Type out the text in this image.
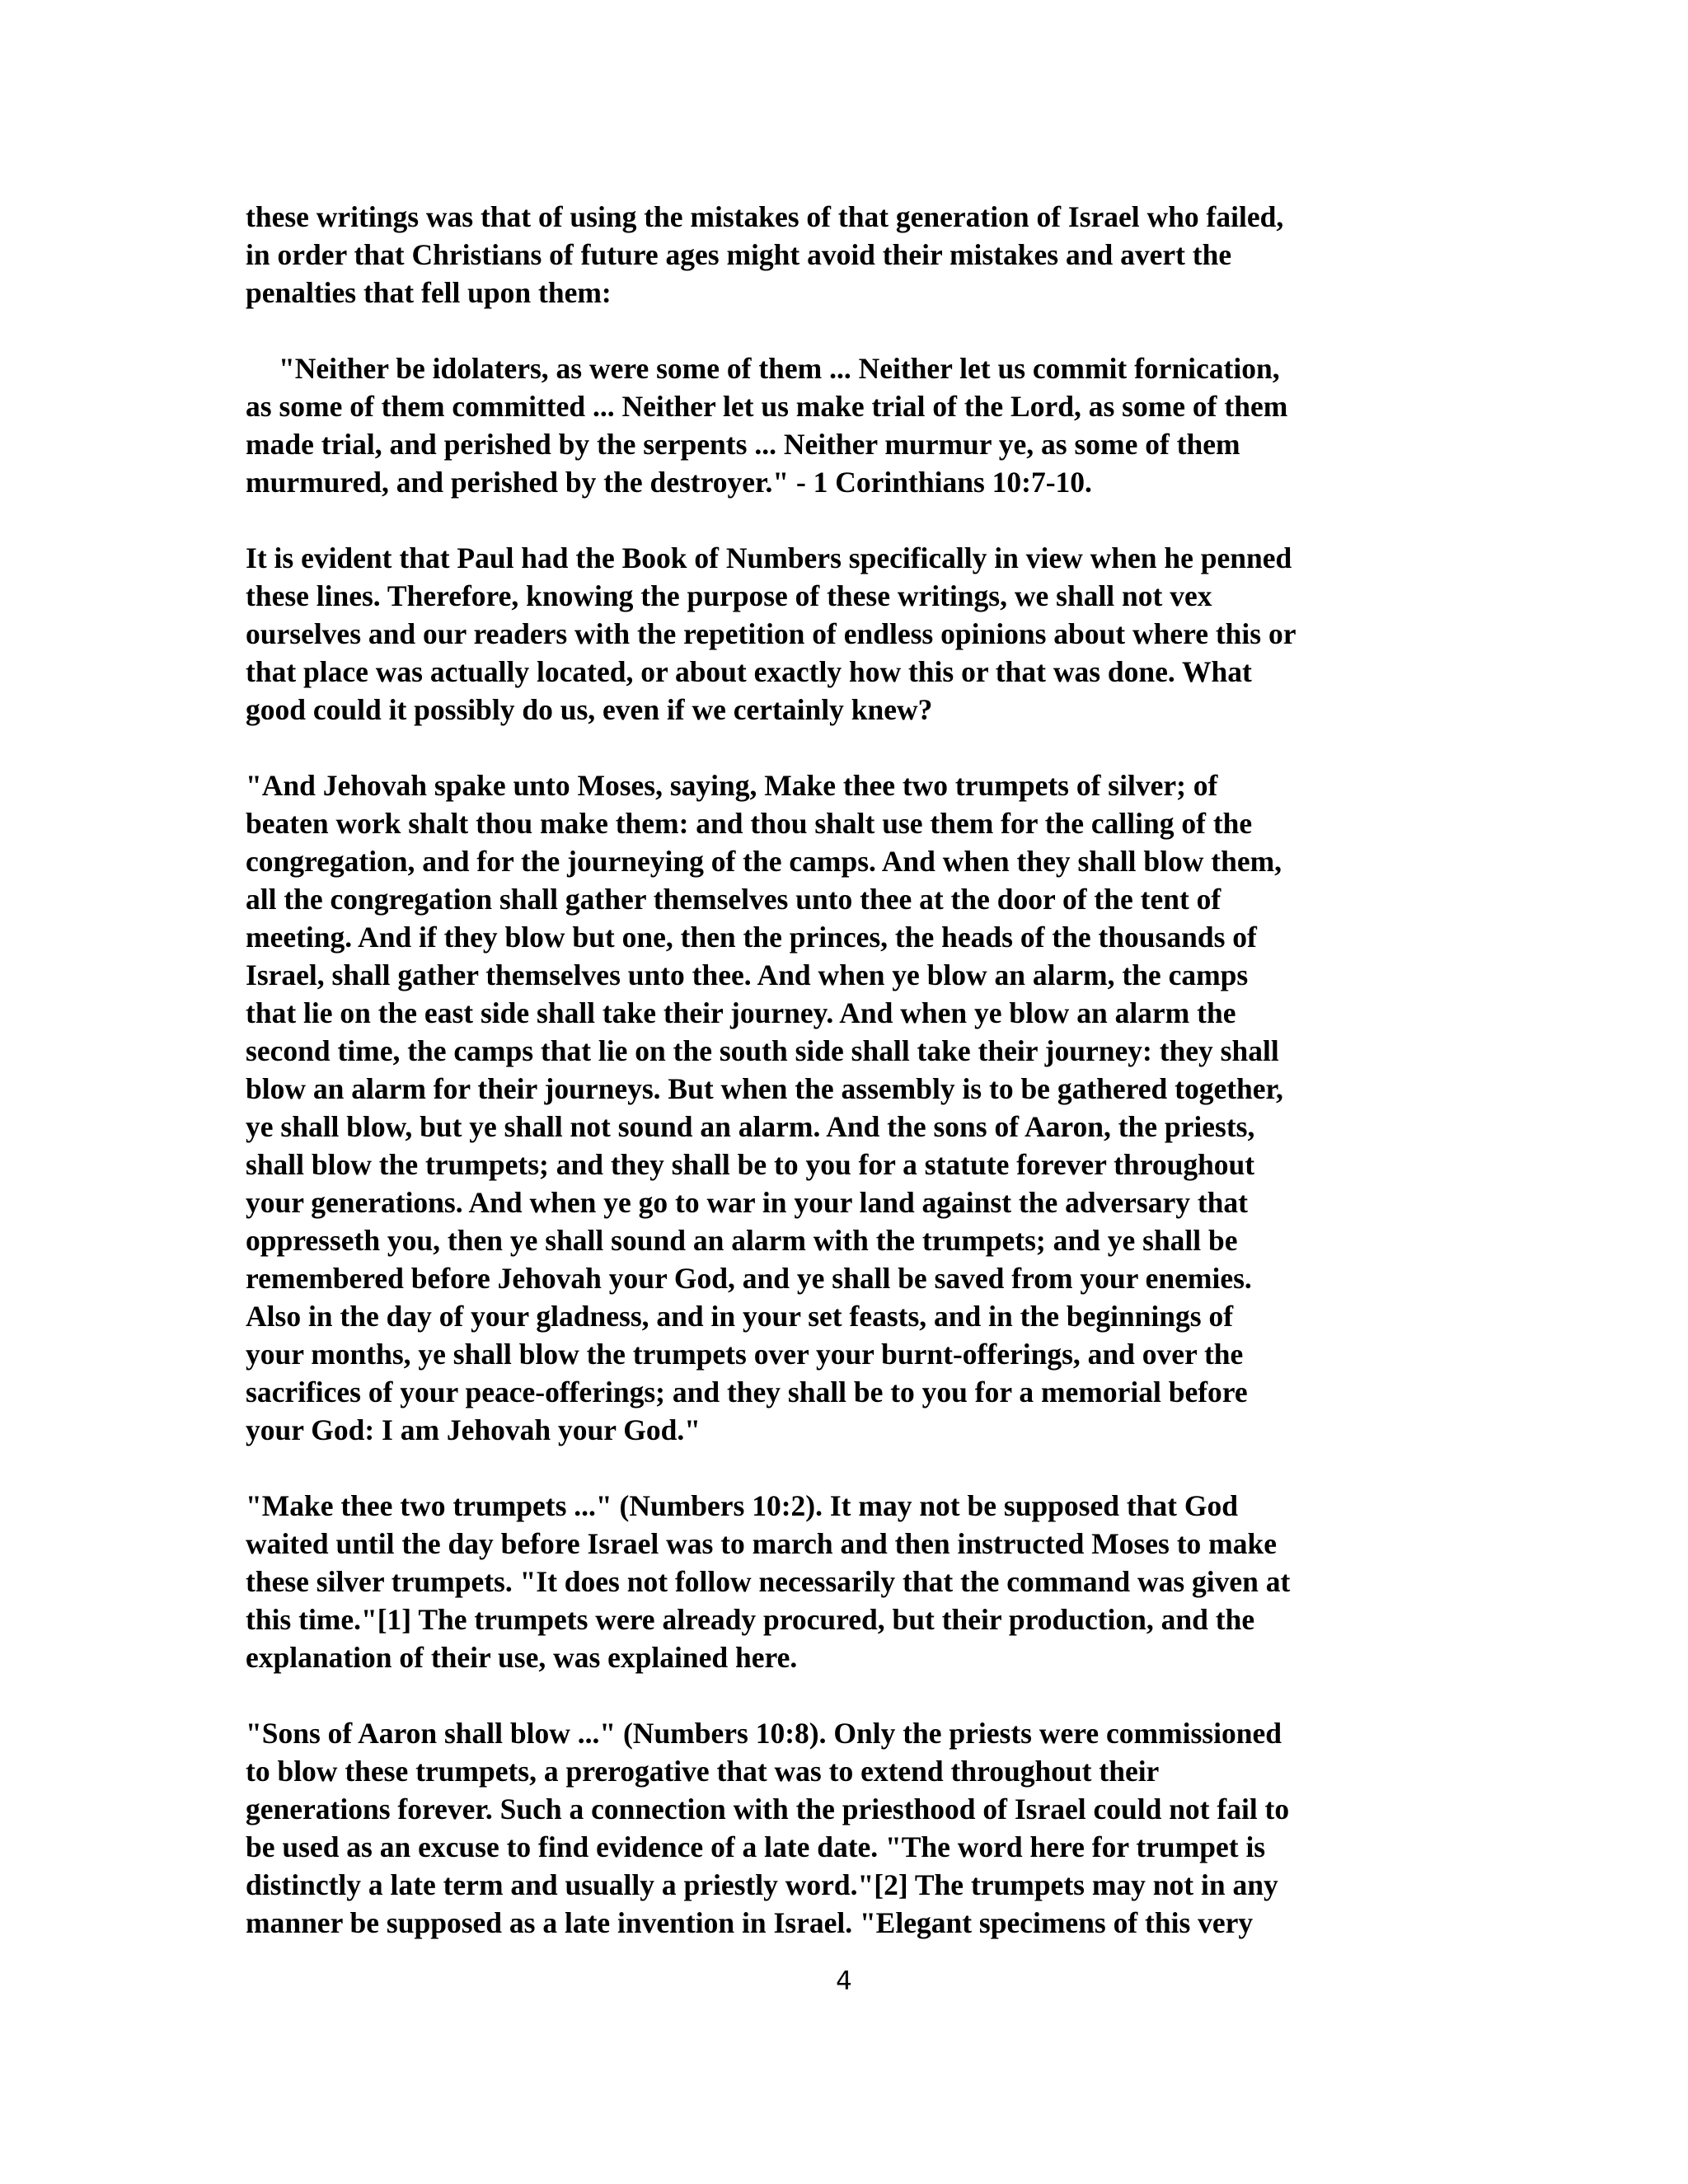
these writings was that of using the mistakes of that generation of Israel who failed,
in order that Christians of future ages might avoid their mistakes and avert the
penalties that fell upon them:
"Neither be idolaters, as were some of them ... Neither let us commit fornication,
as some of them committed ... Neither let us make trial of the Lord, as some of them
made trial, and perished by the serpents ... Neither murmur ye, as some of them
murmured, and perished by the destroyer." - 1 Corinthians 10:7-10.
It is evident that Paul had the Book of Numbers specifically in view when he penned
these lines. Therefore, knowing the purpose of these writings, we shall not vex
ourselves and our readers with the repetition of endless opinions about where this or
that place was actually located, or about exactly how this or that was done. What
good could it possibly do us, even if we certainly knew?
"And Jehovah spake unto Moses, saying, Make thee two trumpets of silver; of
beaten work shalt thou make them: and thou shalt use them for the calling of the
congregation, and for the journeying of the camps. And when they shall blow them,
all the congregation shall gather themselves unto thee at the door of the tent of
meeting. And if they blow but one, then the princes, the heads of the thousands of
Israel, shall gather themselves unto thee. And when ye blow an alarm, the camps
that lie on the east side shall take their journey. And when ye blow an alarm the
second time, the camps that lie on the south side shall take their journey: they shall
blow an alarm for their journeys. But when the assembly is to be gathered together,
ye shall blow, but ye shall not sound an alarm. And the sons of Aaron, the priests,
shall blow the trumpets; and they shall be to you for a statute forever throughout
your generations. And when ye go to war in your land against the adversary that
oppresseth you, then ye shall sound an alarm with the trumpets; and ye shall be
remembered before Jehovah your God, and ye shall be saved from your enemies.
Also in the day of your gladness, and in your set feasts, and in the beginnings of
your months, ye shall blow the trumpets over your burnt-offerings, and over the
sacrifices of your peace-offerings; and they shall be to you for a memorial before
your God: I am Jehovah your God."
"Make thee two trumpets ..." (Numbers 10:2). It may not be supposed that God
waited until the day before Israel was to march and then instructed Moses to make
these silver trumpets. "It does not follow necessarily that the command was given at
this time."[1] The trumpets were already procured, but their production, and the
explanation of their use, was explained here.
"Sons of Aaron shall blow ..." (Numbers 10:8). Only the priests were commissioned
to blow these trumpets, a prerogative that was to extend throughout their
generations forever. Such a connection with the priesthood of Israel could not fail to
be used as an excuse to find evidence of a late date. "The word here for trumpet is
distinctly a late term and usually a priestly word."[2] The trumpets may not in any
manner be supposed as a late invention in Israel. "Elegant specimens of this very
4
